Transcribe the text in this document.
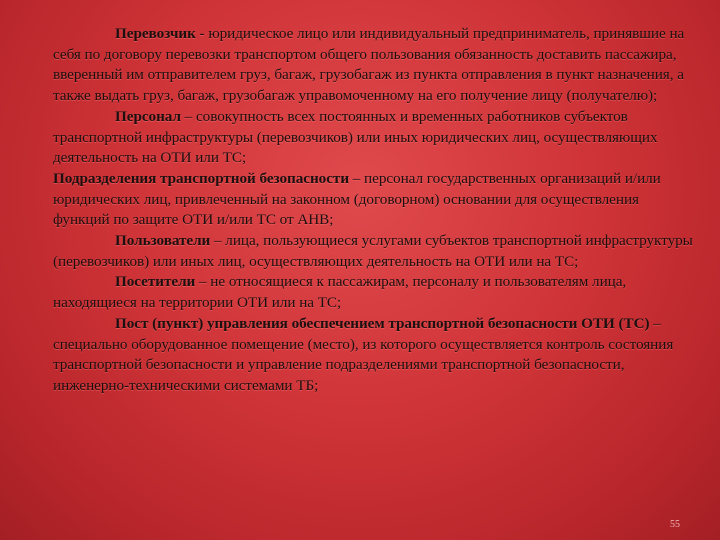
Перевозчик - юридическое лицо или индивидуальный предприниматель, принявшие на себя по договору перевозки транспортом общего пользования обязанность доставить пассажира, вверенный им отправителем груз, багаж, грузобагаж из пункта отправления в пункт назначения, а также выдать груз, багаж, грузобагаж управомоченному на его получение лицу (получателю);

Персонал – совокупность всех постоянных и временных работников субъектов транспортной инфраструктуры (перевозчиков) или иных юридических лиц, осуществляющих деятельность на ОТИ или ТС;

Подразделения транспортной безопасности – персонал государственных организаций и/или юридических лиц, привлеченный на законном (договорном) основании для осуществления функций по защите ОТИ и/или ТС от АНВ;

Пользователи – лица, пользующиеся услугами субъектов транспортной инфраструктуры (перевозчиков) или иных лиц, осуществляющих деятельность на ОТИ или на ТС;

Посетители – не относящиеся к пассажирам, персоналу и пользователям лица, находящиеся на территории ОТИ или на ТС;

Пост (пункт) управления обеспечением транспортной безопасности ОТИ (ТС) – специально оборудованное помещение (место), из которого осуществляется контроль состояния транспортной безопасности и управление подразделениями транспортной безопасности, инженерно-техническими системами ТБ;

55
